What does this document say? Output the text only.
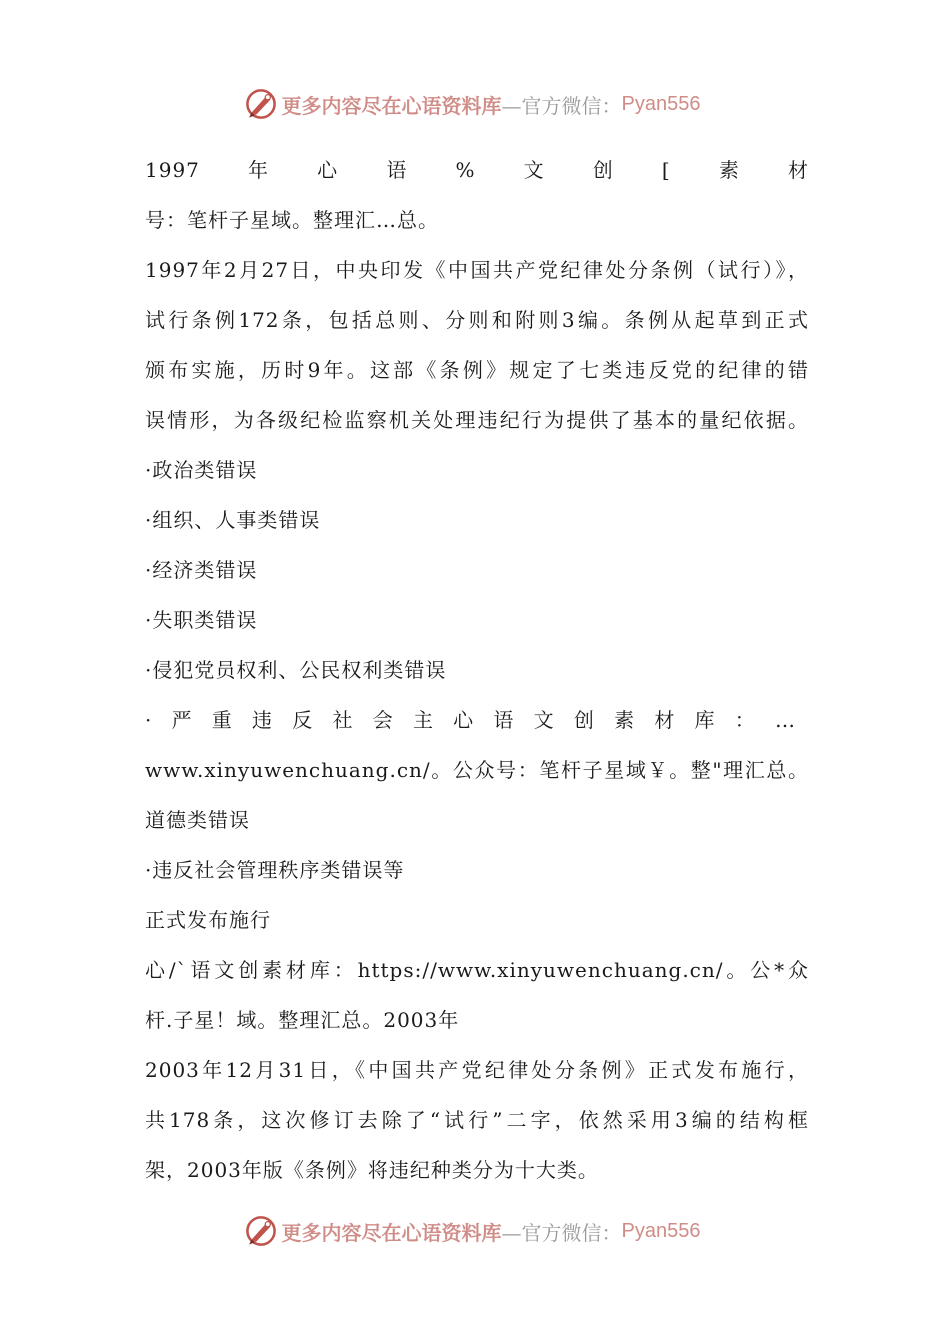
更多内容尽在心语资料库 —官方微信： Pyan556
1997年心语%文创[素材
号：笔杆子星域。整理汇…总。
1997年2月27日，中央印发《中国共产党纪律处分条例（试行）》，
试行条例172条，包括总则、分则和附则3编。条例从起草到正式
颁布实施，历时9年。这部《条例》规定了七类违反党的纪律的错
误情形，为各级纪检监察机关处理违纪行为提供了基本的量纪依据。
·政治类错误
·组织、人事类错误
·经济类错误
·失职类错误
·侵犯党员权利、公民权利类错误
·严重违反社会主心语文创素材库：…
www.xinyuwenchuang.cn/。公众号：笔杆子星域￥。整"理汇总。
道德类错误
·违反社会管理秩序类错误等
正式发布施行
心/`语文创素材库：https://www.xinyuwenchuang.cn/。公*众
杆.子星！域。整理汇总。2003年
2003年12月31日，《中国共产党纪律处分条例》正式发布施行，
共178条，这次修订去除了“试行”二字，依然采用3编的结构框
架，2003年版《条例》将违纪种类分为十大类。
更多内容尽在心语资料库 —官方微信： Pyan556
